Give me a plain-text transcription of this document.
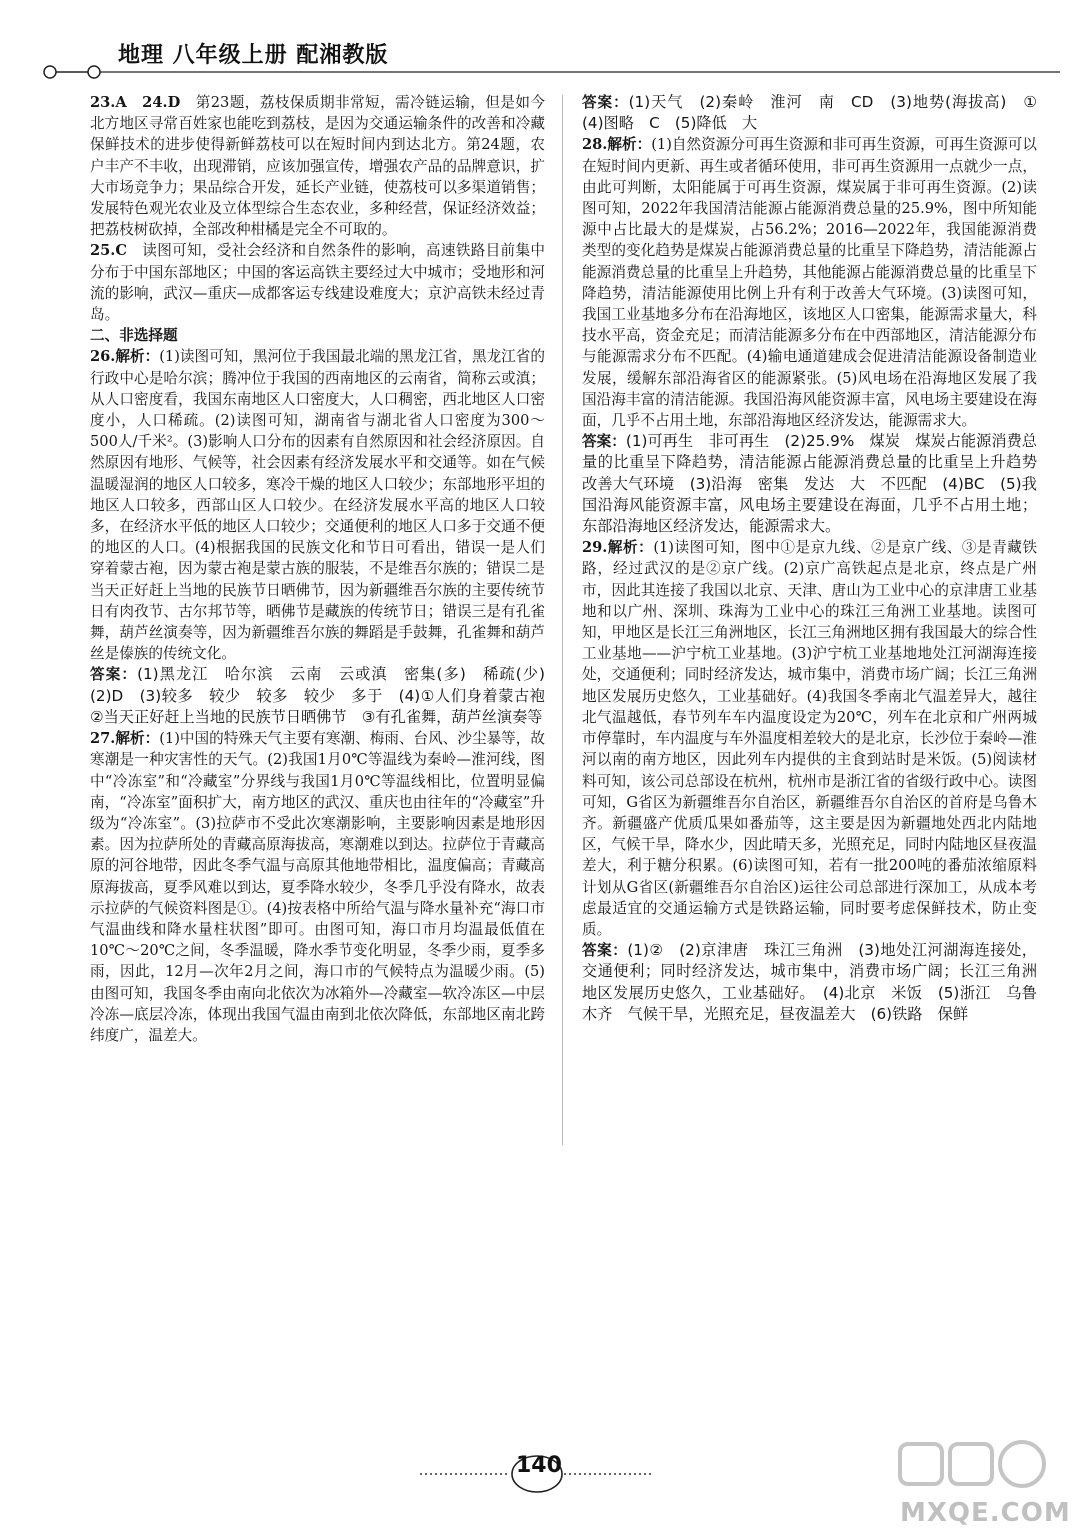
地理 八年级上册 配湘教版

23.A　24.D　第23题，荔枝保质期非常短，需冷链运输，但是如今北方地区寻常百姓家也能吃到荔枝，是因为交通运输条件的改善和冷藏保鲜技术的进步使得新鲜荔枝可以在短时间内到达北方。第24题，农户丰产不丰收，出现滞销，应该加强宣传，增强农产品的品牌意识，扩大市场竞争力；果品综合开发，延长产业链，使荔枝可以多渠道销售；发展特色观光农业及立体型综合生态农业，多种经营，保证经济效益；把荔枝树砍掉，全部改种柑橘是完全不可取的。

25.C　读图可知，受社会经济和自然条件的影响，高速铁路目前集中分布于中国东部地区；中国的客运高铁主要经过大中城市；受地形和河流的影响，武汉—重庆—成都客运专线建设难度大；京沪高铁未经过青岛。

二、非选择题

26.解析：(1)读图可知，黑河位于我国最北端的黑龙江省，黑龙江省的行政中心是哈尔滨；腾冲位于我国的西南地区的云南省，简称云或滇；从人口密度看，我国东南地区人口密度大，人口稠密，西北地区人口密度小，人口稀疏。(2)读图可知，湖南省与湖北省人口密度为300～500人/千米²。(3)影响人口分布的因素有自然原因和社会经济原因。自然原因有地形、气候等，社会因素有经济发展水平和交通等。如在气候温暖湿润的地区人口较多，寒冷干燥的地区人口较少；东部地形平坦的地区人口较多，西部山区人口较少。在经济发展水平高的地区人口较多，在经济水平低的地区人口较少；交通便利的地区人口多于交通不便的地区的人口。(4)根据我国的民族文化和节日可看出，错误一是人们穿着蒙古袍，因为蒙古袍是蒙古族的服装，不是维吾尔族的；错误二是当天正好赶上当地的民族节日晒佛节，因为新疆维吾尔族的主要传统节日有肉孜节、古尔邦节等，晒佛节是藏族的传统节日；错误三是有孔雀舞，葫芦丝演奏等，因为新疆维吾尔族的舞蹈是手鼓舞，孔雀舞和葫芦丝是傣族的传统文化。

答案：(1)黑龙江　哈尔滨　云南　云或滇　密集(多)　稀疏(少)　(2)D　(3)较多　较少　较多　较少　多于　(4)①人们身着蒙古袍　②当天正好赶上当地的民族节日晒佛节　③有孔雀舞，葫芦丝演奏等

27.解析：(1)中国的特殊天气主要有寒潮、梅雨、台风、沙尘暴等，故寒潮是一种灾害性的天气。(2)我国1月0℃等温线为秦岭—淮河线，图中“冷冻室”和“冷藏室”分界线与我国1月0℃等温线相比，位置明显偏南，“冷冻室”面积扩大，南方地区的武汉、重庆也由往年的“冷藏室”升级为“冷冻室”。(3)拉萨市不受此次寒潮影响，主要影响因素是地形因素。因为拉萨所处的青藏高原海拔高，寒潮难以到达。拉萨位于青藏高原的河谷地带，因此冬季气温与高原其他地带相比，温度偏高；青藏高原海拔高，夏季风难以到达，夏季降水较少，冬季几乎没有降水，故表示拉萨的气候资料图是①。(4)按表格中所给气温与降水量补充“海口市气温曲线和降水量柱状图”即可。由图可知，海口市月均温最低值在10℃～20℃之间，冬季温暖，降水季节变化明显，冬季少雨，夏季多雨，因此，12月—次年2月之间，海口市的气候特点为温暖少雨。(5)由图可知，我国冬季由南向北依次为冰箱外—冷藏室—软冷冻区—中层冷冻—底层冷冻，体现出我国气温由南到北依次降低，东部地区南北跨纬度广，温差大。

答案：(1)天气　(2)秦岭　淮河　南　CD　(3)地势(海拔高)　①　(4)图略　C　(5)降低　大

28.解析：(1)自然资源分可再生资源和非可再生资源，可再生资源可以在短时间内更新、再生或者循环使用，非可再生资源用一点就少一点，由此可判断，太阳能属于可再生资源，煤炭属于非可再生资源。(2)读图可知，2022年我国清洁能源占能源消费总量的25.9%，图中所知能源中占比最大的是煤炭，占56.2%；2016—2022年，我国能源消费类型的变化趋势是煤炭占能源消费总量的比重呈下降趋势，清洁能源占能源消费总量的比重呈上升趋势，其他能源占能源消费总量的比重呈下降趋势，清洁能源使用比例上升有利于改善大气环境。(3)读图可知，我国工业基地多分布在沿海地区，该地区人口密集，能源需求量大，科技水平高，资金充足；而清洁能源多分布在中西部地区，清洁能源分布与能源需求分布不匹配。(4)输电通道建成会促进清洁能源设备制造业发展，缓解东部沿海省区的能源紧张。(5)风电场在沿海地区发展了我国沿海丰富的清洁能源。我国沿海风能资源丰富，风电场主要建设在海面，几乎不占用土地，东部沿海地区经济发达，能源需求大。

答案：(1)可再生　非可再生　(2)25.9%　煤炭　煤炭占能源消费总量的比重呈下降趋势，清洁能源占能源消费总量的比重呈上升趋势　改善大气环境　(3)沿海　密集　发达　大　不匹配　(4)BC　(5)我国沿海风能资源丰富，风电场主要建设在海面，几乎不占用土地；东部沿海地区经济发达，能源需求大。

29.解析：(1)读图可知，图中①是京九线、②是京广线、③是青藏铁路，经过武汉的是②京广线。(2)京广高铁起点是北京，终点是广州市，因此其连接了我国以北京、天津、唐山为工业中心的京津唐工业基地和以广州、深圳、珠海为工业中心的珠江三角洲工业基地。读图可知，甲地区是长江三角洲地区，长江三角洲地区拥有我国最大的综合性工业基地——沪宁杭工业基地。(3)沪宁杭工业基地地处江河湖海连接处，交通便利；同时经济发达，城市集中，消费市场广阔；长江三角洲地区发展历史悠久，工业基础好。(4)我国冬季南北气温差异大，越往北气温越低，春节列车车内温度设定为20℃，列车在北京和广州两城市停靠时，车内温度与车外温度相差较大的是北京，长沙位于秦岭—淮河以南的南方地区，因此列车内提供的主食到站时是米饭。(5)阅读材料可知，该公司总部设在杭州，杭州市是浙江省的省级行政中心。读图可知，G省区为新疆维吾尔自治区，新疆维吾尔自治区的首府是乌鲁木齐。新疆盛产优质瓜果如番茄等，这主要是因为新疆地处西北内陆地区，气候干旱，降水少，因此晴天多，光照充足，同时内陆地区昼夜温差大，利于糖分积累。(6)读图可知，若有一批200吨的番茄浓缩原料计划从G省区(新疆维吾尔自治区)运往公司总部进行深加工，从成本考虑最适宜的交通运输方式是铁路运输，同时要考虑保鲜技术，防止变质。

答案：(1)②　(2)京津唐　珠江三角洲　(3)地处江河湖海连接处，交通便利；同时经济发达，城市集中，消费市场广阔；长江三角洲地区发展历史悠久，工业基础好。　(4)北京　米饭　(5)浙江　乌鲁木齐　气候干旱，光照充足，昼夜温差大　(6)铁路　保鲜

140
MXQE.COM
